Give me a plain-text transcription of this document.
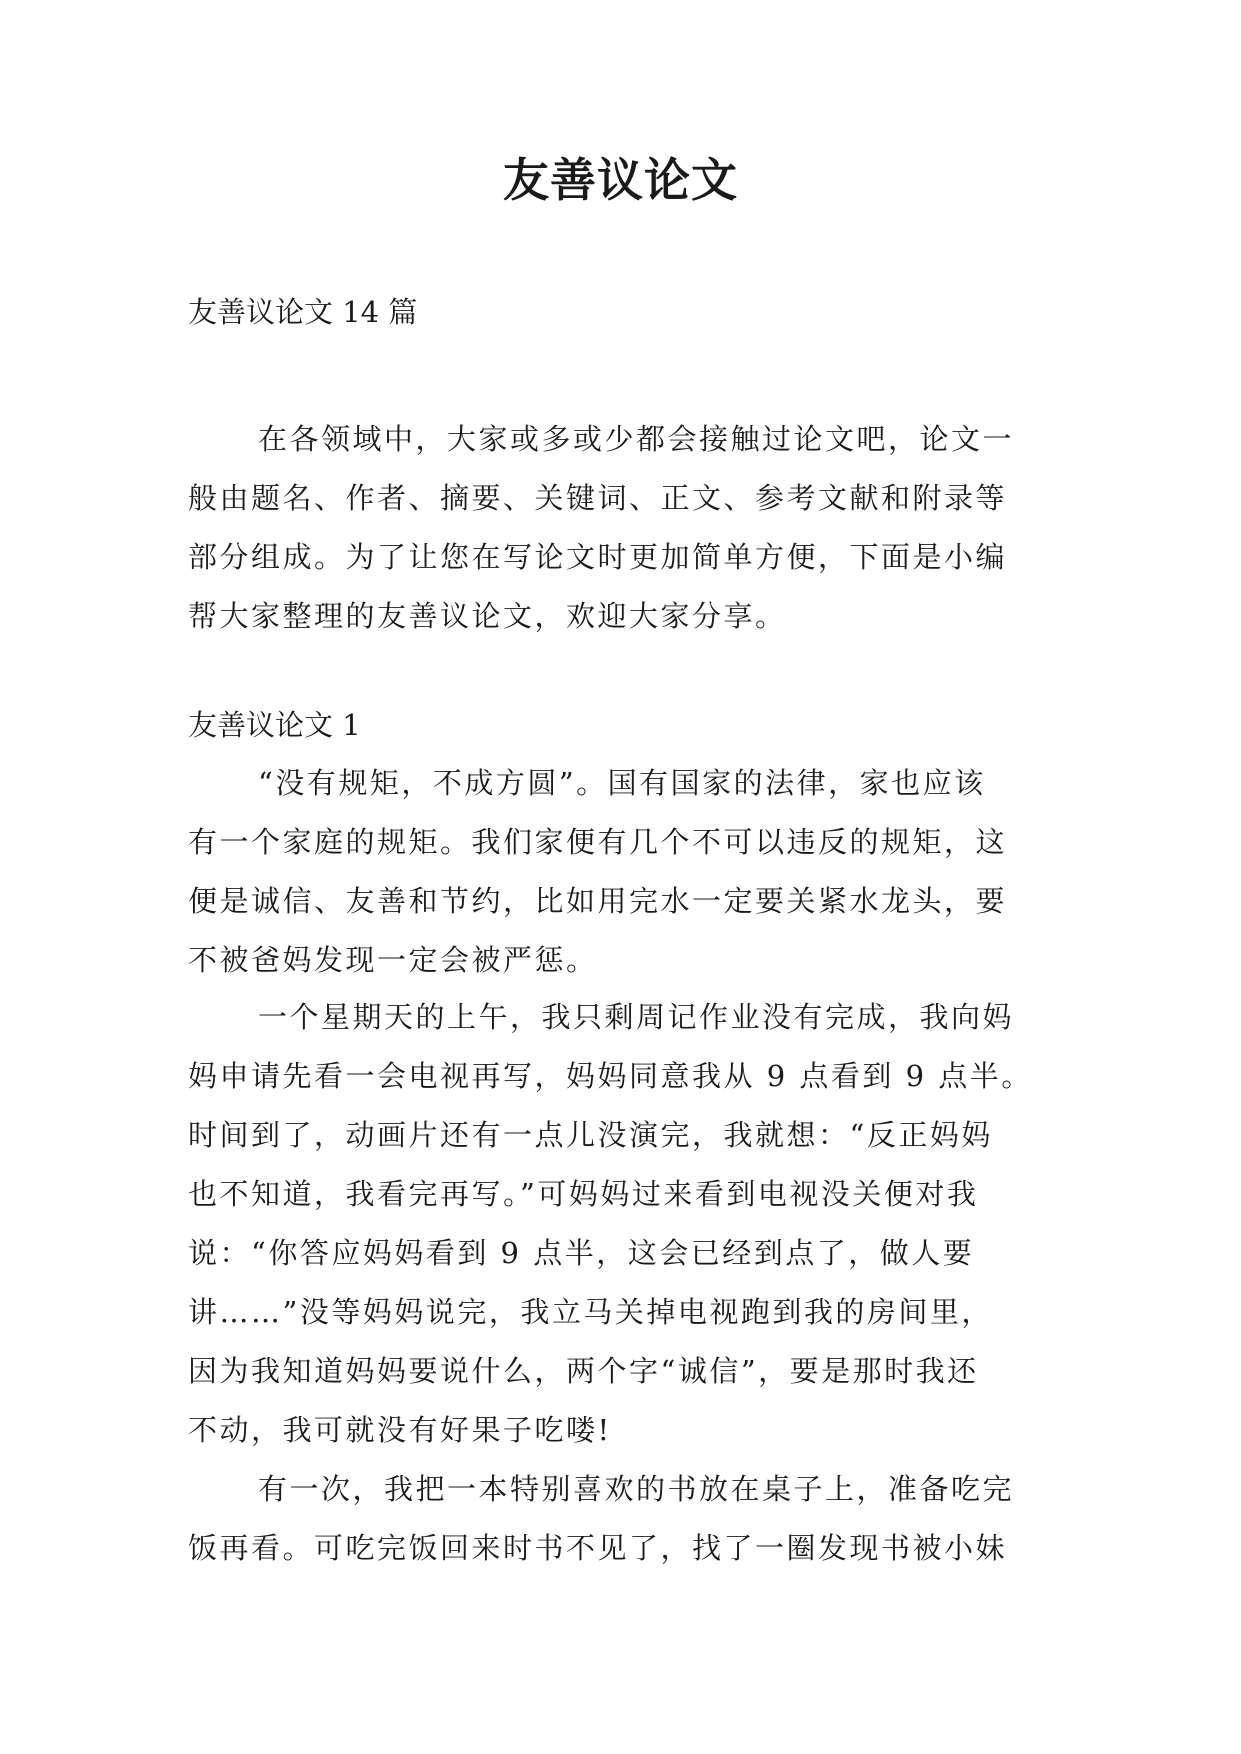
友善议论文

友善议论文 14 篇

在各领域中，大家或多或少都会接触过论文吧，论文一
般由题名、作者、摘要、关键词、正文、参考文献和附录等
部分组成。为了让您在写论文时更加简单方便，下面是小编
帮大家整理的友善议论文，欢迎大家分享。

友善议论文 1

“没有规矩，不成方圆”。国有国家的法律，家也应该
有一个家庭的规矩。我们家便有几个不可以违反的规矩，这
便是诚信、友善和节约，比如用完水一定要关紧水龙头，要
不被爸妈发现一定会被严惩。
一个星期天的上午，我只剩周记作业没有完成，我向妈
妈申请先看一会电视再写，妈妈同意我从 9 点看到 9 点半。
时间到了，动画片还有一点儿没演完，我就想：“反正妈妈
也不知道，我看完再写。”可妈妈过来看到电视没关便对我
说：“你答应妈妈看到 9 点半，这会已经到点了，做人要
讲……”没等妈妈说完，我立马关掉电视跑到我的房间里，
因为我知道妈妈要说什么，两个字“诚信”，要是那时我还
不动，我可就没有好果子吃喽!
有一次，我把一本特别喜欢的书放在桌子上，准备吃完
饭再看。可吃完饭回来时书不见了，找了一圈发现书被小妹
